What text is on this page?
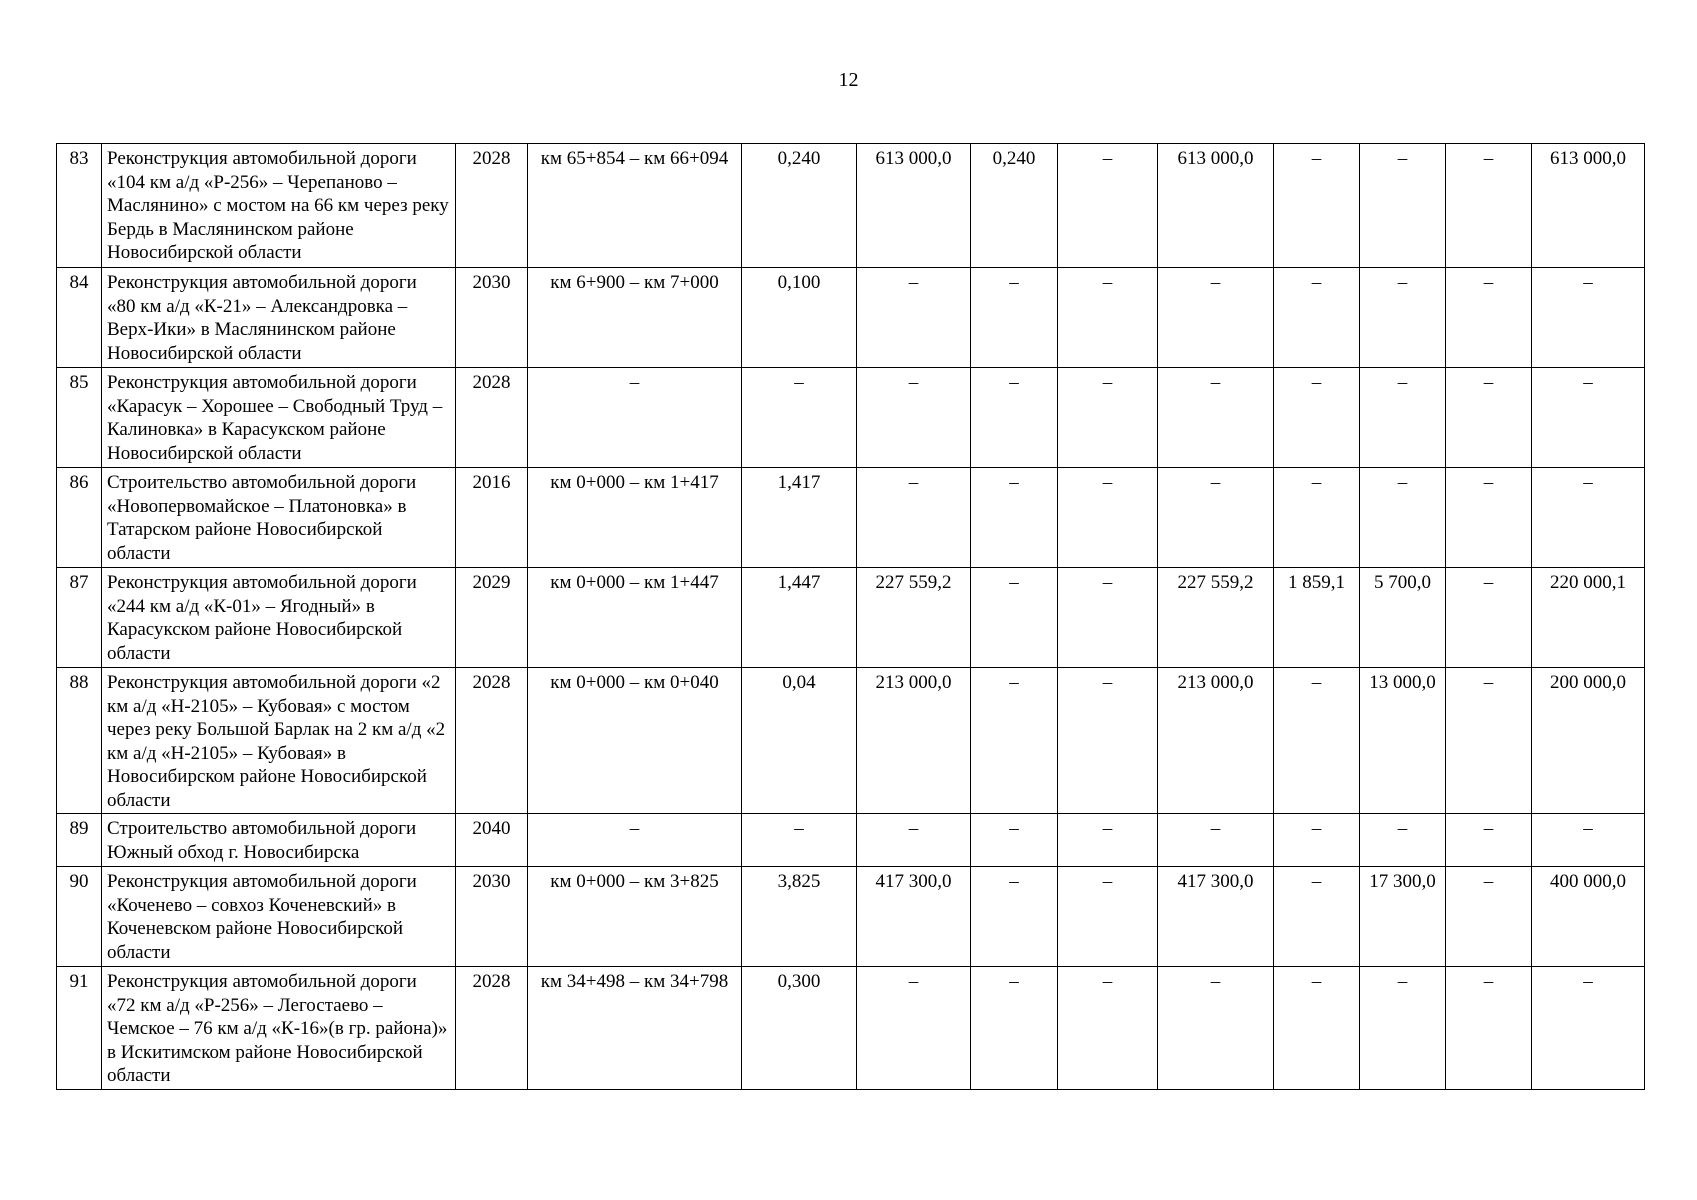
12
83	Реконструкция автомобильной дороги «104 км а/д «Р-256» – Черепаново – Маслянино» с мостом на 66 км через реку Бердь в Маслянинском районе Новосибирской области	2028	км 65+854 – км 66+094	0,240	613 000,0	0,240	–	613 000,0	–	–	–	613 000,0
84	Реконструкция автомобильной дороги «80 км а/д «К-21» – Александровка – Верх-Ики» в Маслянинском районе Новосибирской области	2030	км 6+900 – км 7+000	0,100	–	–	–	–	–	–	–	–
85	Реконструкция автомобильной дороги «Карасук – Хорошее – Свободный Труд – Калиновка» в Карасукском районе Новосибирской области	2028	–	–	–	–	–	–	–	–	–	–
86	Строительство автомобильной дороги «Новопервомайское – Платоновка» в Татарском районе Новосибирской области	2016	км 0+000 – км 1+417	1,417	–	–	–	–	–	–	–	–
87	Реконструкция автомобильной дороги «244 км а/д «К-01» – Ягодный» в Карасукском районе Новосибирской области	2029	км 0+000 – км 1+447	1,447	227 559,2	–	–	227 559,2	1 859,1	5 700,0	–	220 000,1
88	Реконструкция автомобильной дороги «2 км а/д «Н-2105» – Кубовая» с мостом через реку Большой Барлак на 2 км а/д «2 км а/д «Н-2105» – Кубовая» в Новосибирском районе Новосибирской области	2028	км 0+000 – км 0+040	0,04	213 000,0	–	–	213 000,0	–	13 000,0	–	200 000,0
89	Строительство автомобильной дороги Южный обход г. Новосибирска	2040	–	–	–	–	–	–	–	–	–	–
90	Реконструкция автомобильной дороги «Коченево – совхоз Коченевский» в Коченевском районе Новосибирской области	2030	км 0+000 – км 3+825	3,825	417 300,0	–	–	417 300,0	–	17 300,0	–	400 000,0
91	Реконструкция автомобильной дороги «72 км а/д «Р-256» – Легостаево – Чемское – 76 км а/д «К-16»(в гр. района)» в Искитимском районе Новосибирской области	2028	км 34+498 – км 34+798	0,300	–	–	–	–	–	–	–	–
